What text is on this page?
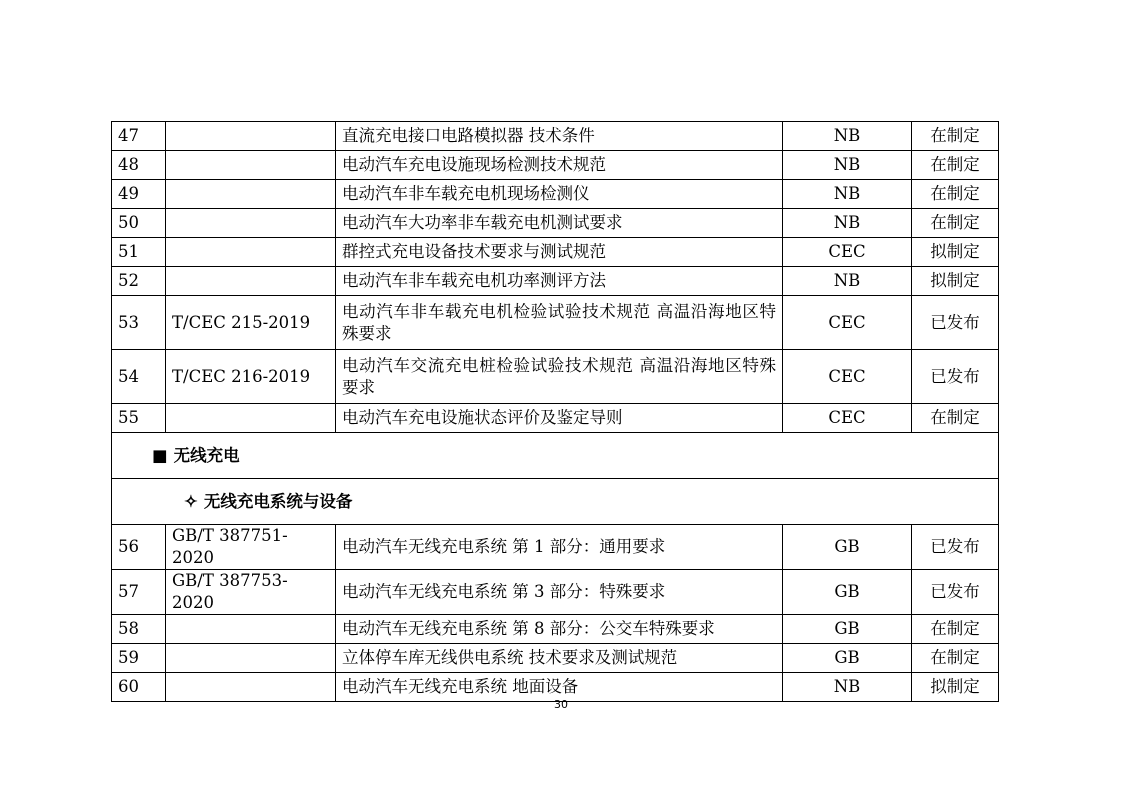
47		直流充电接口电路模拟器 技术条件	NB	在制定
48		电动汽车充电设施现场检测技术规范	NB	在制定
49		电动汽车非车载充电机现场检测仪	NB	在制定
50		电动汽车大功率非车载充电机测试要求	NB	在制定
51		群控式充电设备技术要求与测试规范	CEC	拟制定
52		电动汽车非车载充电机功率测评方法	NB	拟制定
53	T/CEC 215-2019	电动汽车非车载充电机检验试验技术规范 高温沿海地区特殊要求	CEC	已发布
54	T/CEC 216-2019	电动汽车交流充电桩检验试验技术规范 高温沿海地区特殊要求	CEC	已发布
55		电动汽车充电设施状态评价及鉴定导则	CEC	在制定

■ 无线充电				

✧ 无线充电系统与设备				

56	GB/T 387751-2020	电动汽车无线充电系统 第 1 部分：通用要求	GB	已发布
57	GB/T 387753-2020	电动汽车无线充电系统 第 3 部分：特殊要求	GB	已发布
58		电动汽车无线充电系统 第 8 部分：公交车特殊要求	GB	在制定
59		立体停车库无线供电系统 技术要求及测试规范	GB	在制定
60		电动汽车无线充电系统 地面设备	NB	拟制定
30
